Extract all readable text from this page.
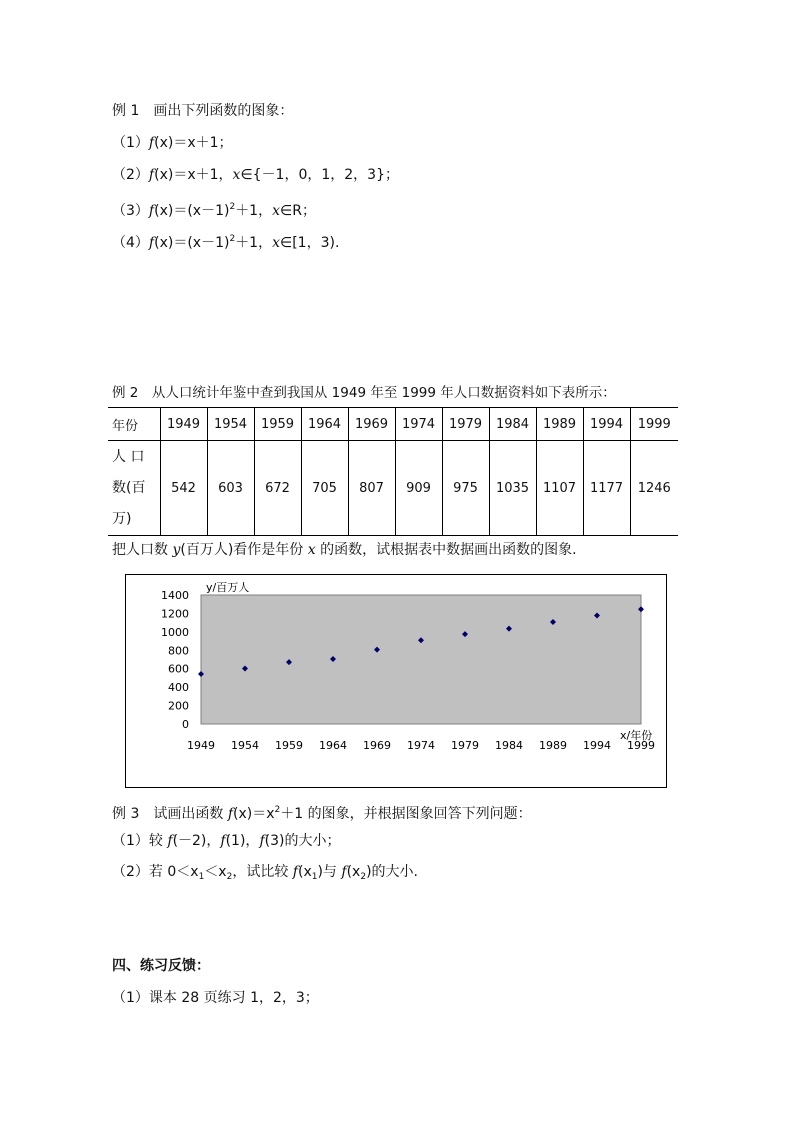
例 1　画出下列函数的图象：
（1）f(x)＝x＋1；
（2）f(x)＝x＋1，x∈{－1，0，1，2，3}；
$(3)f(x)=(x-1)^2+1$，x∈R；
$(4)f(x)=(x-1)^2+1$，x∈[1，3).
例 2　从人口统计年鉴中查到我国从 1949 年至 1999 年人口数据资料如下表所示：
年份	1949	1954	1959	1964	1969	1974	1979	1984	1989	1994	1999

人 口 数(百 万)	542	603	672	705	807	909	975	1035	1107	1177	1246
把人口数 y(百万人)看作是年份 x 的函数，试根据表中数据画出函数的图象.
y/百万人
x/年份
0
200
400
600
800
1000
1200
1400
1949 1954 1959 1964 1969 1974 1979 1984 1989 1994 1999
例 3　试画出函数 $f(x)=x^2+1$ 的图象，并根据图象回答下列问题：
（1）较 f(－2)，f(1)，f(3)的大小；
（2）若 $0<x_1<x_2$，试比较 $f(x_1)$与 $f(x_2)$的大小.
四、练习反馈：
（1）课本 28 页练习 1，2，3；
